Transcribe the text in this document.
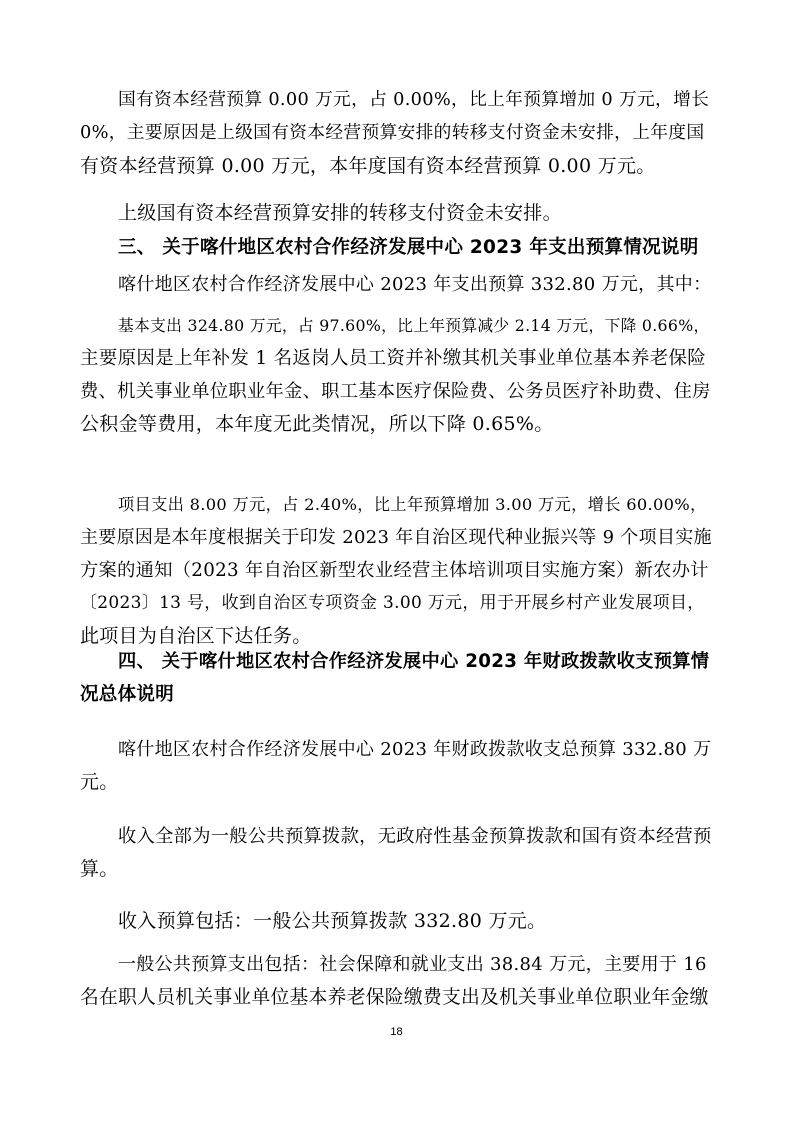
国有资本经营预算 0.00 万元，占 0.00%，比上年预算增加 0 万元，增长
0%，主要原因是上级国有资本经营预算安排的转移支付资金未安排，上年度国
有资本经营预算 0.00 万元，本年度国有资本经营预算 0.00 万元。
上级国有资本经营预算安排的转移支付资金未安排。
三、 关于喀什地区农村合作经济发展中心 2023 年支出预算情况说明
喀什地区农村合作经济发展中心 2023 年支出预算 332.80 万元，其中：
基本支出 324.80 万元，占 97.60%，比上年预算减少 2.14 万元，下降 0.66%，
主要原因是上年补发 1 名返岗人员工资并补缴其机关事业单位基本养老保险
费、机关事业单位职业年金、职工基本医疗保险费、公务员医疗补助费、住房
公积金等费用，本年度无此类情况，所以下降 0.65%。
项目支出 8.00 万元，占 2.40%，比上年预算增加 3.00 万元，增长 60.00%，
主要原因是本年度根据关于印发 2023 年自治区现代种业振兴等 9 个项目实施
方案的通知（2023 年自治区新型农业经营主体培训项目实施方案）新农办计
〔2023〕13 号，收到自治区专项资金 3.00 万元，用于开展乡村产业发展项目，
此项目为自治区下达任务。
四、 关于喀什地区农村合作经济发展中心 2023 年财政拨款收支预算情
况总体说明
喀什地区农村合作经济发展中心 2023 年财政拨款收支总预算 332.80 万
元。
收入全部为一般公共预算拨款，无政府性基金预算拨款和国有资本经营预
算。
收入预算包括：一般公共预算拨款 332.80 万元。
一般公共预算支出包括：社会保障和就业支出 38.84 万元，主要用于 16
名在职人员机关事业单位基本养老保险缴费支出及机关事业单位职业年金缴
18
